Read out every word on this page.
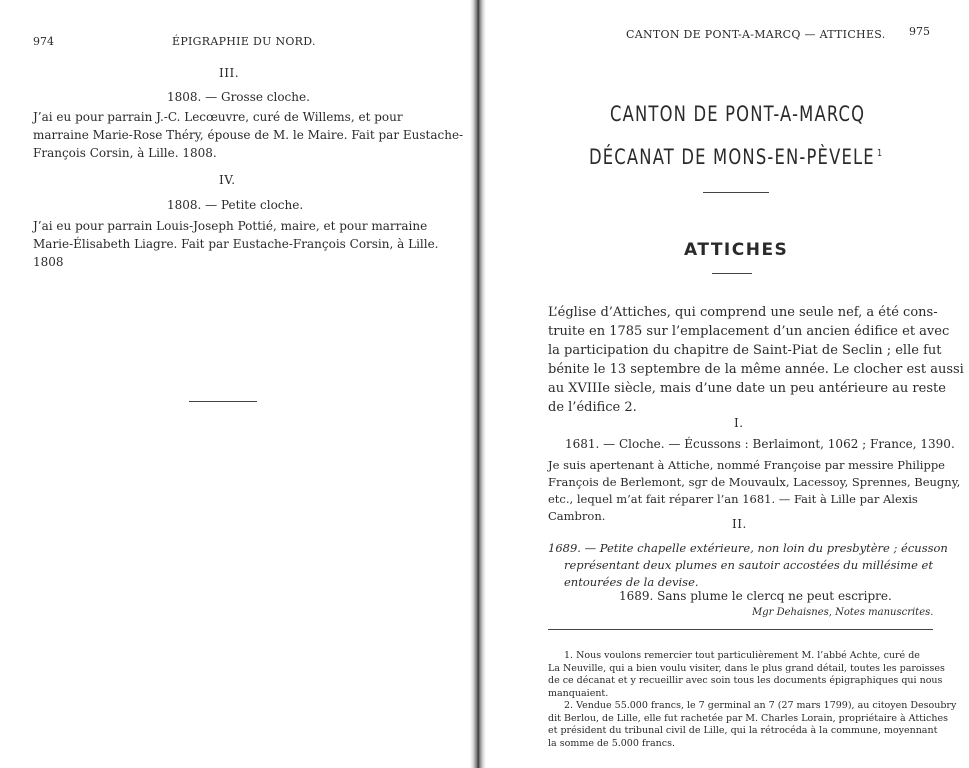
974	ÉPIGRAPHIE DU NORD.
III.
1808. — Grosse cloche.
J’ai eu pour parrain J.-C. Lecœuvre, curé de Willems, et pour
marraine Marie-Rose Théry, épouse de M. le Maire. Fait par Eustache-
François Corsin, à Lille. 1808.
IV.
1808. — Petite cloche.
J’ai eu pour parrain Louis-Joseph Pottié, maire, et pour marraine
Marie-Élisabeth Liagre. Fait par Eustache-François Corsin, à Lille.
1808
CANTON DE PONT-A-MARCQ — ATTICHES. 975
CANTON DE PONT-A-MARCQ
DÉCANAT DE MONS-EN-PÈVELE $^1$
ATTICHES
L’église d’Attiches, qui comprend une seule nef, a été cons-
truite en 1785 sur l’emplacement d’un ancien édifice et avec
la participation du chapitre de Saint-Piat de Seclin ; elle fut
bénite le 13 septembre de la même année. Le clocher est aussi
au XVIIIe siècle, mais d’une date un peu antérieure au reste
de l’édifice 2.
I.
1681. — Cloche. — Écussons : Berlaimont, 1062 ; France, 1390.
Je suis apertenant à Attiche, nommé Françoise par messire Philippe
François de Berlemont, sgr de Mouvaulx, Lacessoy, Sprennes, Beugny,
etc., lequel m’at fait réparer l’an 1681. — Fait à Lille par Alexis
Cambron.
II.
1689. — Petite chapelle extérieure, non loin du presbytère ; écusson
représentant deux plumes en sautoir accostées du millésime et
entourées de la devise.
1689. Sans plume le clercq ne peut escripre.
Mgr Dehaisnes, Notes manuscrites.
1. Nous voulons remercier tout particulièrement M. l’abbé Achte, curé de
La Neuville, qui a bien voulu visiter, dans le plus grand détail, toutes les paroisses
de ce décanat et y recueillir avec soin tous les documents épigraphiques qui nous
manquaient.
2. Vendue 55.000 francs, le 7 germinal an 7 (27 mars 1799), au citoyen Desoubry
dit Berlou, de Lille, elle fut rachetée par M. Charles Lorain, propriétaire à Attiches
et président du tribunal civil de Lille, qui la rétrocéda à la commune, moyennant
la somme de 5.000 francs.
